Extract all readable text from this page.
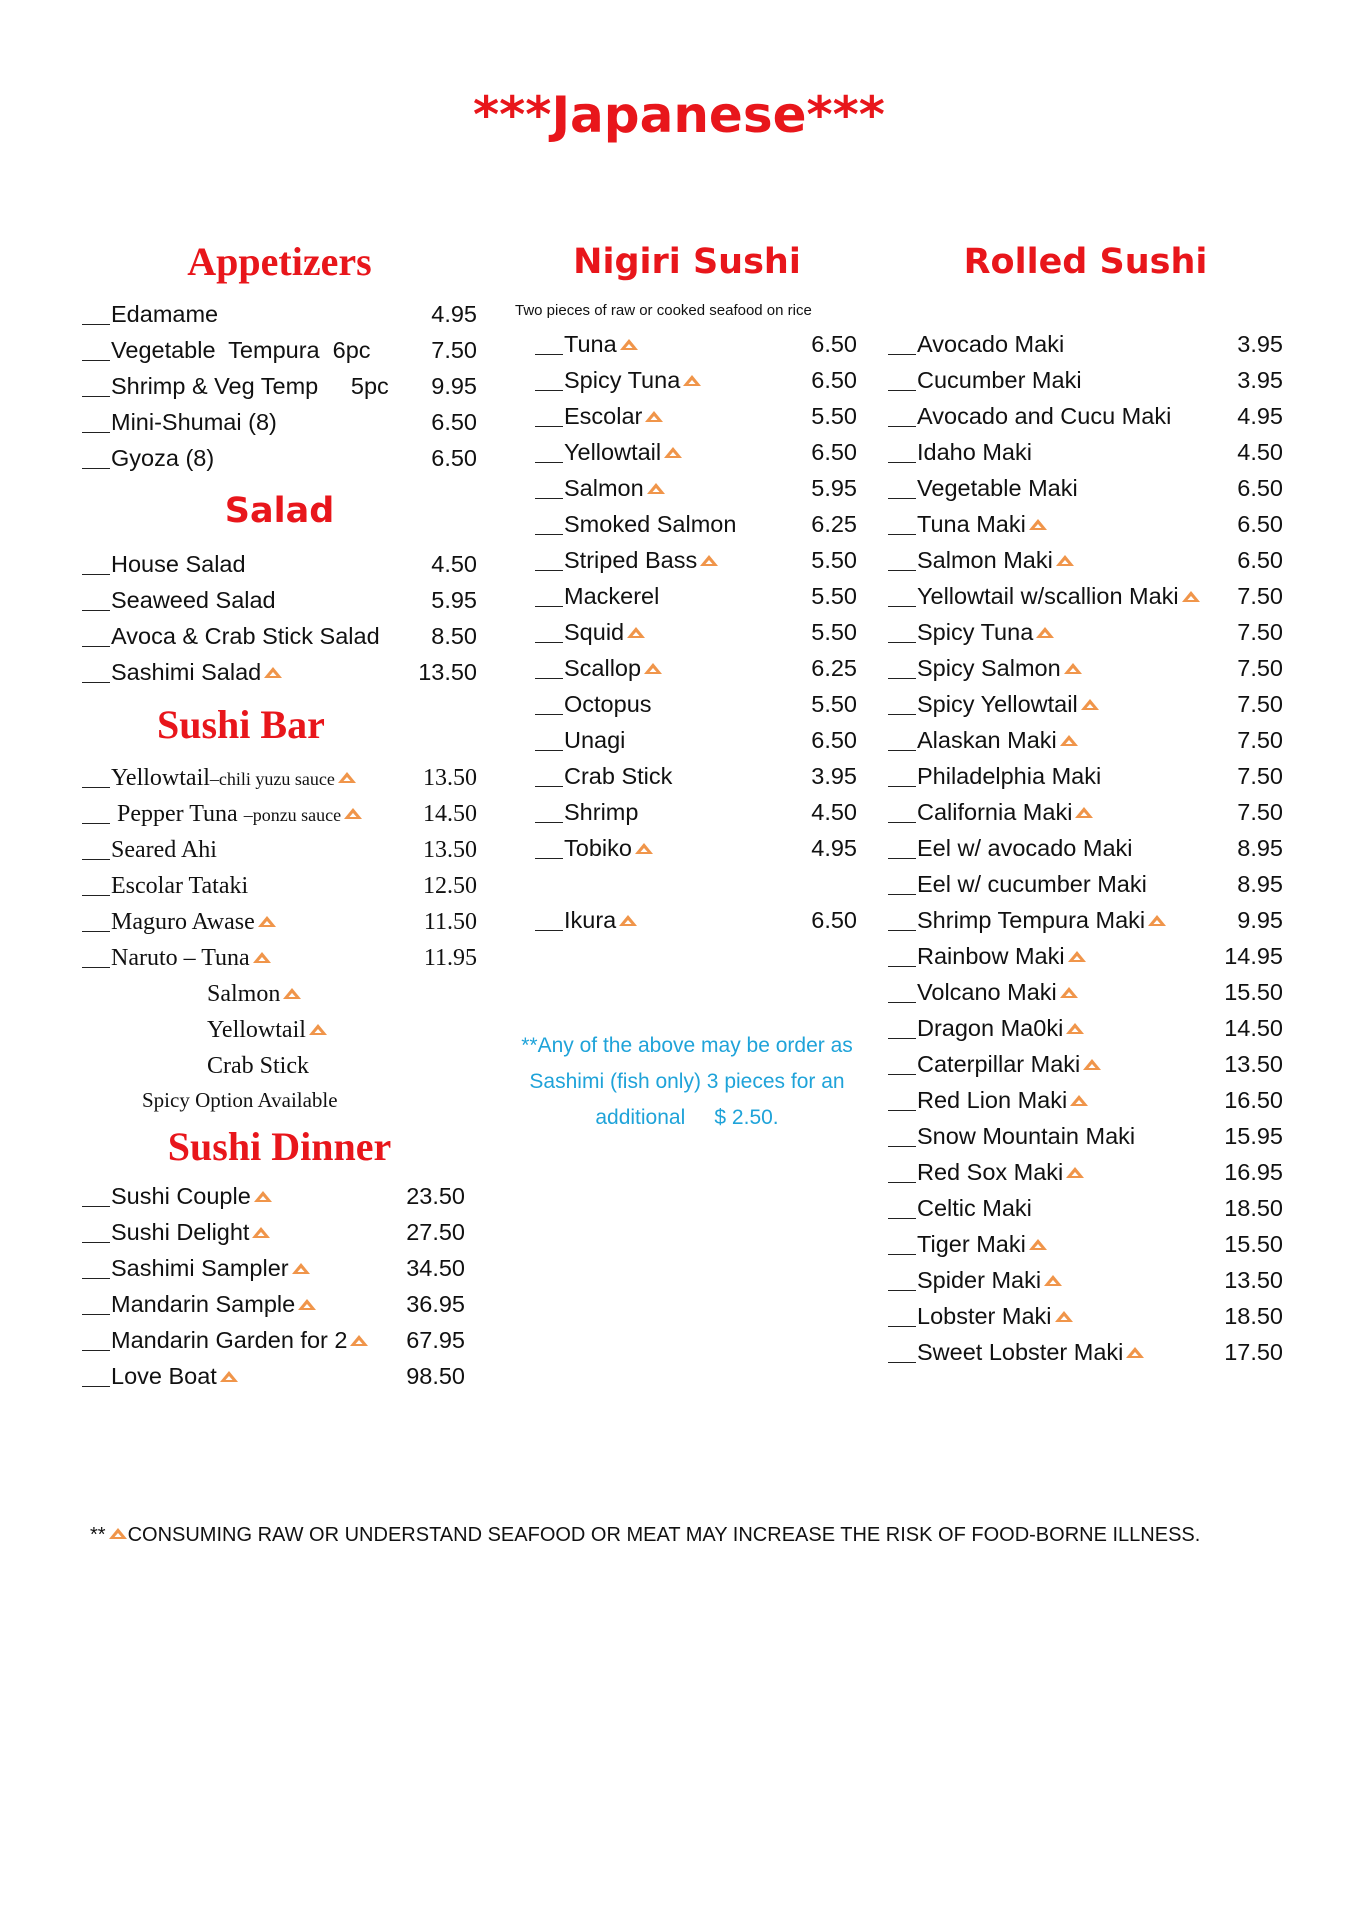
***Japanese***
Appetizers
Edamame	4.95
Vegetable  Tempura  6pc	7.50
Shrimp & Veg Temp     5pc 9.95
Mini-Shumai (8)	6.50
Gyoza (8)	6.50
Salad
House Salad	4.50
Seaweed Salad	5.95
Avoca & Crab Stick Salad 8.50
Sashimi Salad	13.50
Sushi Bar
Yellowtail–chili yuzu sauce	13.50
Pepper Tuna –ponzu sauce	14.50
Seared Ahi	13.50
Escolar Tataki	12.50
Maguro Awase	11.50
Naruto – Tuna	11.95
Salmon
Yellowtail
Crab Stick
Spicy Option Available
Sushi Dinner
Sushi Couple	23.50
Sushi Delight	27.50
Sashimi Sampler	34.50
Mandarin Sample	36.95
Mandarin Garden for 2	67.95
Love Boat	98.50
Nigiri Sushi
Two pieces of raw or cooked seafood on rice
Tuna	6.50
Spicy Tuna	6.50
Escolar	5.50
Yellowtail	6.50
Salmon	5.95
Smoked Salmon	6.25
Striped Bass	5.50
Mackerel	5.50
Squid	5.50
Scallop	6.25
Octopus	5.50
Unagi	6.50
Crab Stick	3.95
Shrimp	4.50
Tobiko	4.95
Ikura	6.50
**Any of the above may be order as
Sashimi (fish only) 3 pieces for an
additional     $ 2.50.
Rolled Sushi
Avocado Maki	3.95
Cucumber Maki	3.95
Avocado and Cucu Maki	4.95
Idaho Maki	4.50
Vegetable Maki	6.50
Tuna Maki	6.50
Salmon Maki	6.50
Yellowtail w/scallion Maki 7.50
Spicy Tuna	7.50
Spicy Salmon	7.50
Spicy Yellowtail	7.50
Alaskan Maki	7.50
Philadelphia Maki	7.50
California Maki	7.50
Eel w/ avocado Maki	8.95
Eel w/ cucumber Maki	8.95
Shrimp Tempura Maki	9.95
Rainbow Maki	14.95
Volcano Maki	15.50
Dragon Ma0ki	14.50
Caterpillar Maki	13.50
Red Lion Maki	16.50
Snow Mountain Maki	15.95
Red Sox Maki	16.95
Celtic Maki	18.50
Tiger Maki	15.50
Spider Maki	13.50
Lobster Maki	18.50
Sweet Lobster Maki	17.50
** CONSUMING RAW OR UNDERSTAND SEAFOOD OR MEAT MAY INCREASE THE RISK OF FOOD-BORNE ILLNESS.
